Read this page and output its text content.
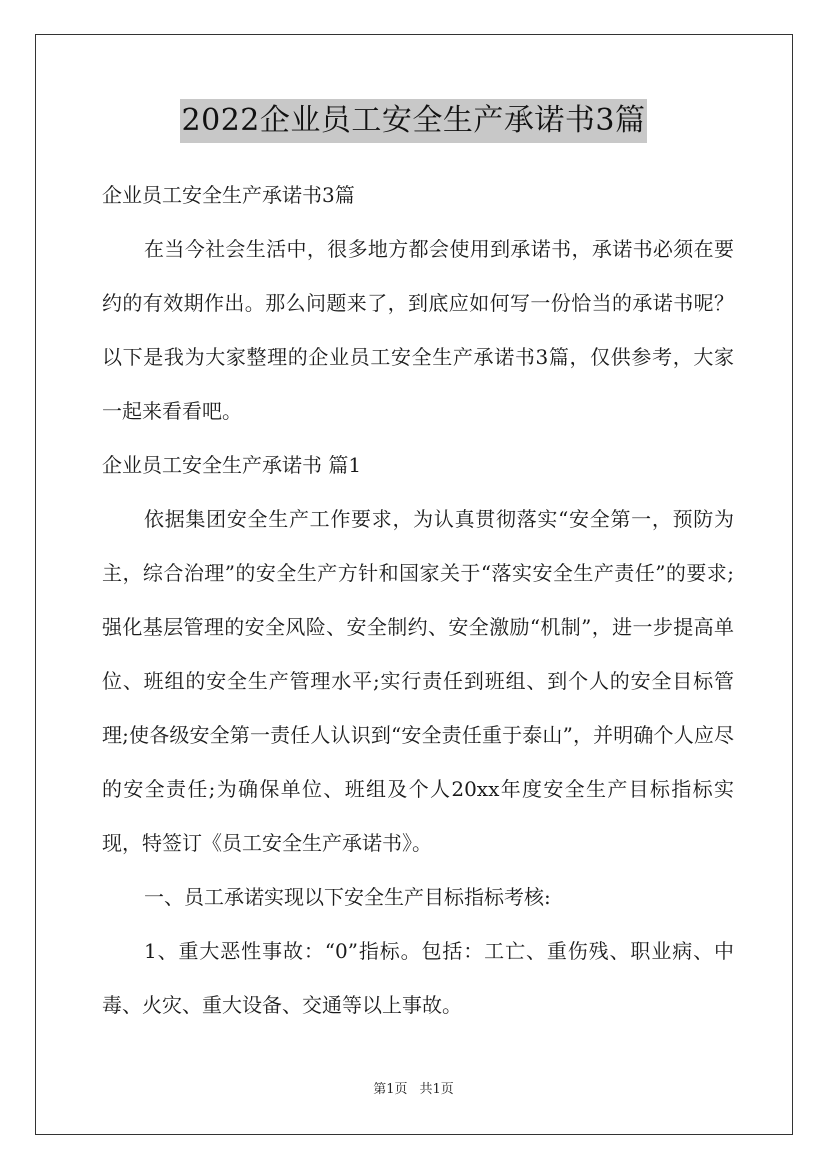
2022企业员工安全生产承诺书3篇

企业员工安全生产承诺书3篇

在当今社会生活中，很多地方都会使用到承诺书，承诺书必须在要约的有效期作出。那么问题来了，到底应如何写一份恰当的承诺书呢？以下是我为大家整理的企业员工安全生产承诺书3篇，仅供参考，大家一起来看看吧。

企业员工安全生产承诺书 篇1

依据集团安全生产工作要求，为认真贯彻落实“安全第一，预防为主，综合治理”的安全生产方针和国家关于“落实安全生产责任”的要求;强化基层管理的安全风险、安全制约、安全激励“机制”，进一步提高单位、班组的安全生产管理水平;实行责任到班组、到个人的安全目标管理;使各级安全第一责任人认识到“安全责任重于泰山”，并明确个人应尽的安全责任;为确保单位、班组及个人20xx年度安全生产目标指标实现，特签订《员工安全生产承诺书》。

一、员工承诺实现以下安全生产目标指标考核:

1、重大恶性事故：“0”指标。包括：工亡、重伤残、职业病、中毒、火灾、重大设备、交通等以上事故。

第1页 共1页
